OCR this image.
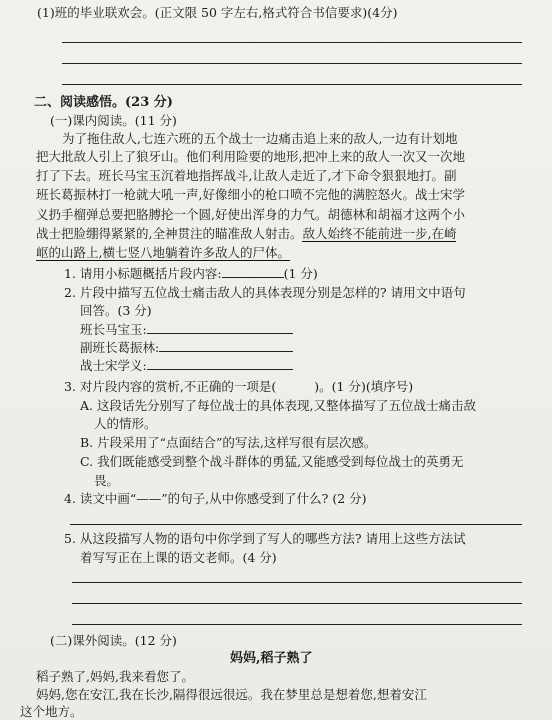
(1)班的毕业联欢会。(正文限 50 字左右,格式符合书信要求)(4分)
二、阅读感悟。(23 分)
(一)课内阅读。(11 分)
为了拖住敌人,七连六班的五个战士一边痛击追上来的敌人,一边有计划地
把大批敌人引上了狼牙山。他们利用险要的地形,把冲上来的敌人一次又一次地
打了下去。班长马宝玉沉着地指挥战斗,让敌人走近了,才下命令狠狠地打。副
班长葛振林打一枪就大吼一声,好像细小的枪口喷不完他的满腔怒火。战士宋学
义扔手榴弹总要把胳膊抡一个圆,好使出浑身的力气。胡德林和胡福才这两个小
战士把脸绷得紧紧的,全神贯注的瞄准敌人射击。敌人始终不能前进一步,在崎
岖的山路上,横七竖八地躺着许多敌人的尸体。
1. 请用小标题概括片段内容:	(1 分)
2. 片段中描写五位战士痛击敌人的具体表现分别是怎样的? 请用文中语句
回答。(3 分)
班长马宝玉:
副班长葛振林:
战士宋学义:
3. 对片段内容的赏析,不正确的一项是(	)。(1 分)(填序号)
A. 这段话先分别写了每位战士的具体表现,又整体描写了五位战士痛击敌
人的情形。
B. 片段采用了“点面结合”的写法,这样写很有层次感。
C. 我们既能感受到整个战斗群体的勇猛,又能感受到每位战士的英勇无
畏。
4. 读文中画“——”的句子,从中你感受到了什么? (2 分)
5. 从这段描写人物的语句中你学到了写人的哪些方法? 请用上这些方法试
着写写正在上课的语文老师。(4 分)
(二)课外阅读。(12 分)
妈妈,稻子熟了
稻子熟了,妈妈,我来看您了。
妈妈,您在安江,我在长沙,隔得很远很远。我在梦里总是想着您,想着安江
这个地方。
